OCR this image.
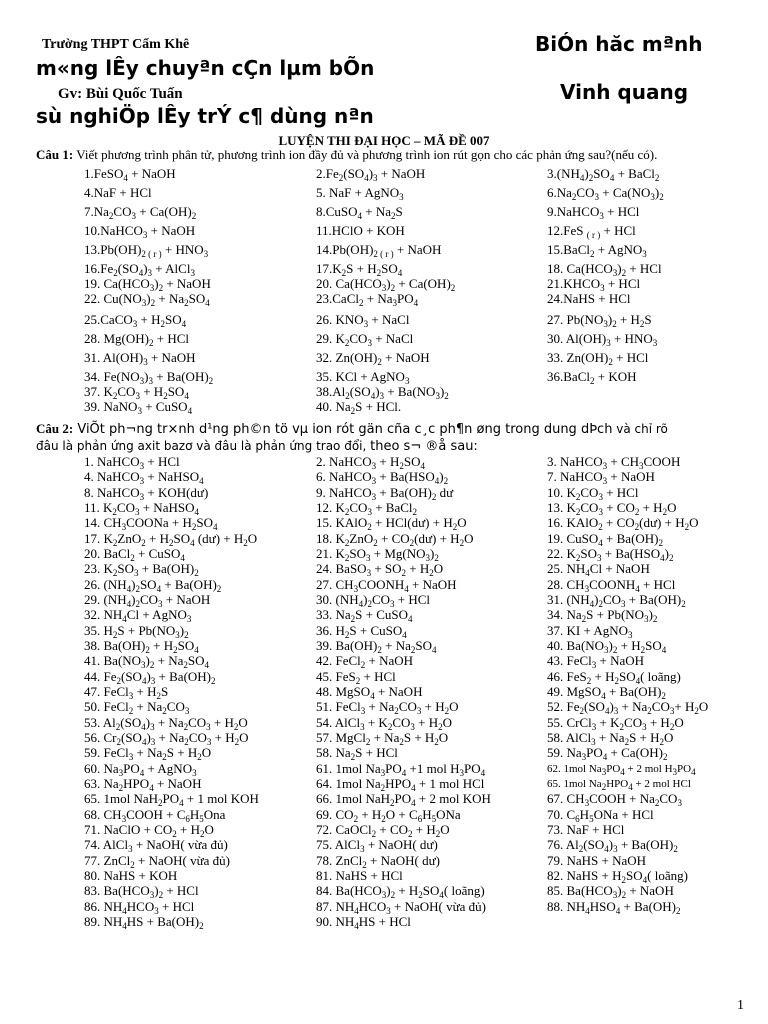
Trường THPT Cẩm Khê	BiÓn hăc mªnh
m«ng lÊy chuyªn cÇn lµm bÕn
Gv: Bùi Quốc Tuấn	Vinh quang
sù nghiÖp lÊy trÝ c¶ dùng nªn
LUYỆN THI ĐẠI HỌC – MÃ ĐỀ 007
Câu 1: Viết phương trình phân tử, phương trình ion đầy đủ và phương trình ion rút gọn cho các phản ứng sau?(nếu có).
Câu 2: ViÕt ph¬ng tr×nh d¹ng ph©n tö vµ ion rót gän cña c¸c ph¶n øng trong dung dÞch và chỉ rõ
đâu là phản ứng axit bazơ và đâu là phản ứng trao đổi, theo s¬ ®å sau:
1.FeSO$_4$ + NaOH	$2.Fe_2(SO_4)_3$ + NaOH	$3.(NH_4)_2SO_4$ + BaCl$_2$
4.NaF + HCl	5. NaF + AgNO$_3$	$6.Na_2CO_3 + Ca(NO_3)_2$
$7.Na_2CO_3 + Ca(OH)_2$	8.CuSO$_4$ + $Na_2S$	9.NaHCO$_3$ + HCl
10.NaHCO$_3$ + NaOH	11.HClO + KOH	12.FeS $_{( r )}$ + HCl
$13.Pb(OH)_{2 ( r )} + HNO_3$	$14.Pb(OH)_{2 ( r )}$ + NaOH	15.BaCl$_2$ + AgNO$_3$
$16.Fe_2(SO_4)_3$ + AlCl$_3$	$17.K_2S + H_2SO_4$	18. $Ca(HCO_3)_2$ + HCl
19. $Ca(HCO_3)_2$ + NaOH	20. $Ca(HCO_3)_2 + Ca(OH)_2$	$21.KHCO_3$ + HCl
22. $Cu(NO_3)_2 + Na_2SO_4$	23.CaCl$_2$ + $Na_3PO_4$	24.NaHS + HCl
25.CaCO$_3$ + $H_2SO_4$	26. $KNO_3$ + NaCl	27. $Pb(NO_3)_2 + H_2S$
28. $Mg(OH)_2$ + HCl	29. $K_2CO_3$ + NaCl	30. $Al(OH)_3 + HNO_3$
31. $Al(OH)_3$ + NaOH	32. $Zn(OH)_2$ + NaOH	33. $Zn(OH)_2$ + HCl
34. $Fe(NO_3)_3 + Ba(OH)_2$	35. KCl + AgNO$_3$	36.BaCl$_2$ + KOH
37. $K_2CO_3 + H_2SO_4$	$38.Al_2(SO_4)_3 + Ba(NO_3)_2$
39. NaNO$_3$ + CuSO$_4$	40. $Na_2S$ + HCl.
1. NaHCO$_3$ + HCl	2. NaHCO$_3$ + $H_2SO_4$	3. NaHCO$_3$ + $CH_3COOH$
4. NaHCO$_3$ + NaHSO$_4$	6. NaHCO$_3$ + $Ba(HSO_4)_2$	7. NaHCO$_3$ + NaOH
8. NaHCO$_3$ + KOH(dư)	9. NaHCO$_3$ + $Ba(OH)_2$ dư	10. $K_2CO_3$ + HCl
11. $K_2CO_3$ + NaHSO$_4$	12. $K_2CO_3$ + BaCl$_2$	13. $K_2CO_3 + CO_2 + H_2O$
14. $CH_3COONa + H_2SO_4$	15. KAlO$_2$ + HCl(dư) + $H_2O$	16. KAlO$_2$ + $CO_2(dư) + H_2O$
17. $K_2ZnO_2 + H_2SO_4$ (dư) + $H_2O$	18. $K_2ZnO_2$ + $CO_2(dư) + H_2O$	19. CuSO$_4$ + $Ba(OH)_2$
20. BaCl$_2$ + CuSO$_4$	21. $K_2SO_3 + Mg(NO_3)_2$	22. $K_2SO_3 + Ba(HSO_4)_2$
23. $K_2SO_3 + Ba(OH)_2$	24. BaSO$_3$ + $SO_2 + H_2O$	25. $NH_4Cl$ + NaOH
26. $(NH_4)_2SO_4 + Ba(OH)_2$	27. $CH_3COONH_4$ + NaOH	28. $CH_3COONH_4$ + HCl
29. $(NH_4)_2CO_3$ + NaOH	30. $(NH_4)_2CO_3$ + HCl	31. $(NH_4)_2CO_3 + Ba(OH)_2$
32. $NH_4Cl$ + AgNO$_3$	33. $Na_2S$ + CuSO$_4$	34. $Na_2S + Pb(NO_3)_2$
35. $H_2S + Pb(NO_3)_2$	36. $H_2S$ + CuSO$_4$	37. KI + AgNO$_3$
38. $Ba(OH)_2 + H_2SO_4$	39. $Ba(OH)_2 + Na_2SO_4$	40. $Ba(NO_3)_2 + H_2SO_4$
41. $Ba(NO_3)_2 + Na_2SO_4$	42. FeCl$_2$ + NaOH	43. FeCl$_3$ + NaOH
44. $Fe_2(SO_4)_3 + Ba(OH)_2$	45. FeS$_2$ + HCl	46. $FeS_2 + H_2SO_4$( loãng)
47. FeCl$_3$ + $H_2S$	48. MgSO$_4$ + NaOH	49. MgSO$_4$ + $Ba(OH)_2$
50. FeCl$_2$ + $Na_2CO_3$	51. FeCl$_3$ + $Na_2CO_3 + H_2O$	52. $Fe_2(SO_4)_3 + Na_2CO_3+ H_2O$
53. $Al_2(SO_4)_3 + Na_2CO_3 + H_2O$	54. AlCl$_3$ + $K_2CO_3 + H_2O$	55. CrCl$_3$ + $K_2CO_3 + H_2O$
56. $Cr_2(SO_4)_3 + Na_2CO_3 + H_2O$	57. MgCl$_2$ + $Na_2S + H_2O$	58. AlCl$_3$ + $Na_2S + H_2O$
59. FeCl$_3$ + $Na_2S + H_2O$	58. $Na_2S$ + HCl	59. $Na_3PO_4 + Ca(OH)_2$
60. $Na_3PO_4$ + AgNO$_3$	61. 1mol $Na_3PO_4 +1$ mol $H_3PO_4$	62. 1mol $Na_3PO_4 + 2$ mol $H_3PO_4$
63. $Na_2HPO_4$ + NaOH	64. 1mol $Na_2HPO_4 + 1$ mol HCl	65. 1mol $Na_2HPO_4 + 2$ mol HCl
65. 1mol $NaH_2PO_4 + 1$ mol KOH	66. 1mol $NaH_2PO_4 + 2$ mol KOH	67. $CH_3COOH + Na_2CO_3$
68. $CH_3COOH + C_6H_5Ona$	69. $CO_2 + H_2O + C_6H_5ONa$	70. $C_6H_5ONa$ + HCl
71. NaClO + $CO_2 + H_2O$	72. CaOCl$_2$ + $CO_2 + H_2O$	73. NaF + HCl
74. AlCl$_3$ + NaOH( vừa đủ)	75. AlCl$_3$ + NaOH( dư)	76. $Al_2(SO_4)_3 + Ba(OH)_2$
77. ZnCl$_2$ + NaOH( vừa đủ)	78. ZnCl$_2$ + NaOH( dư)	79. NaHS + NaOH
80. NaHS + KOH	81. NaHS + HCl	82. NaHS + $H_2SO_4$( loãng)
83. $Ba(HCO_3)_2$ + HCl	84. $Ba(HCO_3)_2 + H_2SO_4$( loãng)	85. $Ba(HCO_3)_2$ + NaOH
86. $NH_4HCO_3$ + HCl	87. $NH_4HCO_3$ + NaOH( vừa đủ)	88. $NH_4HSO_4 + Ba(OH)_2$
89. $NH_4HS + Ba(OH)_2$	90. $NH_4HS$ + HCl
1
